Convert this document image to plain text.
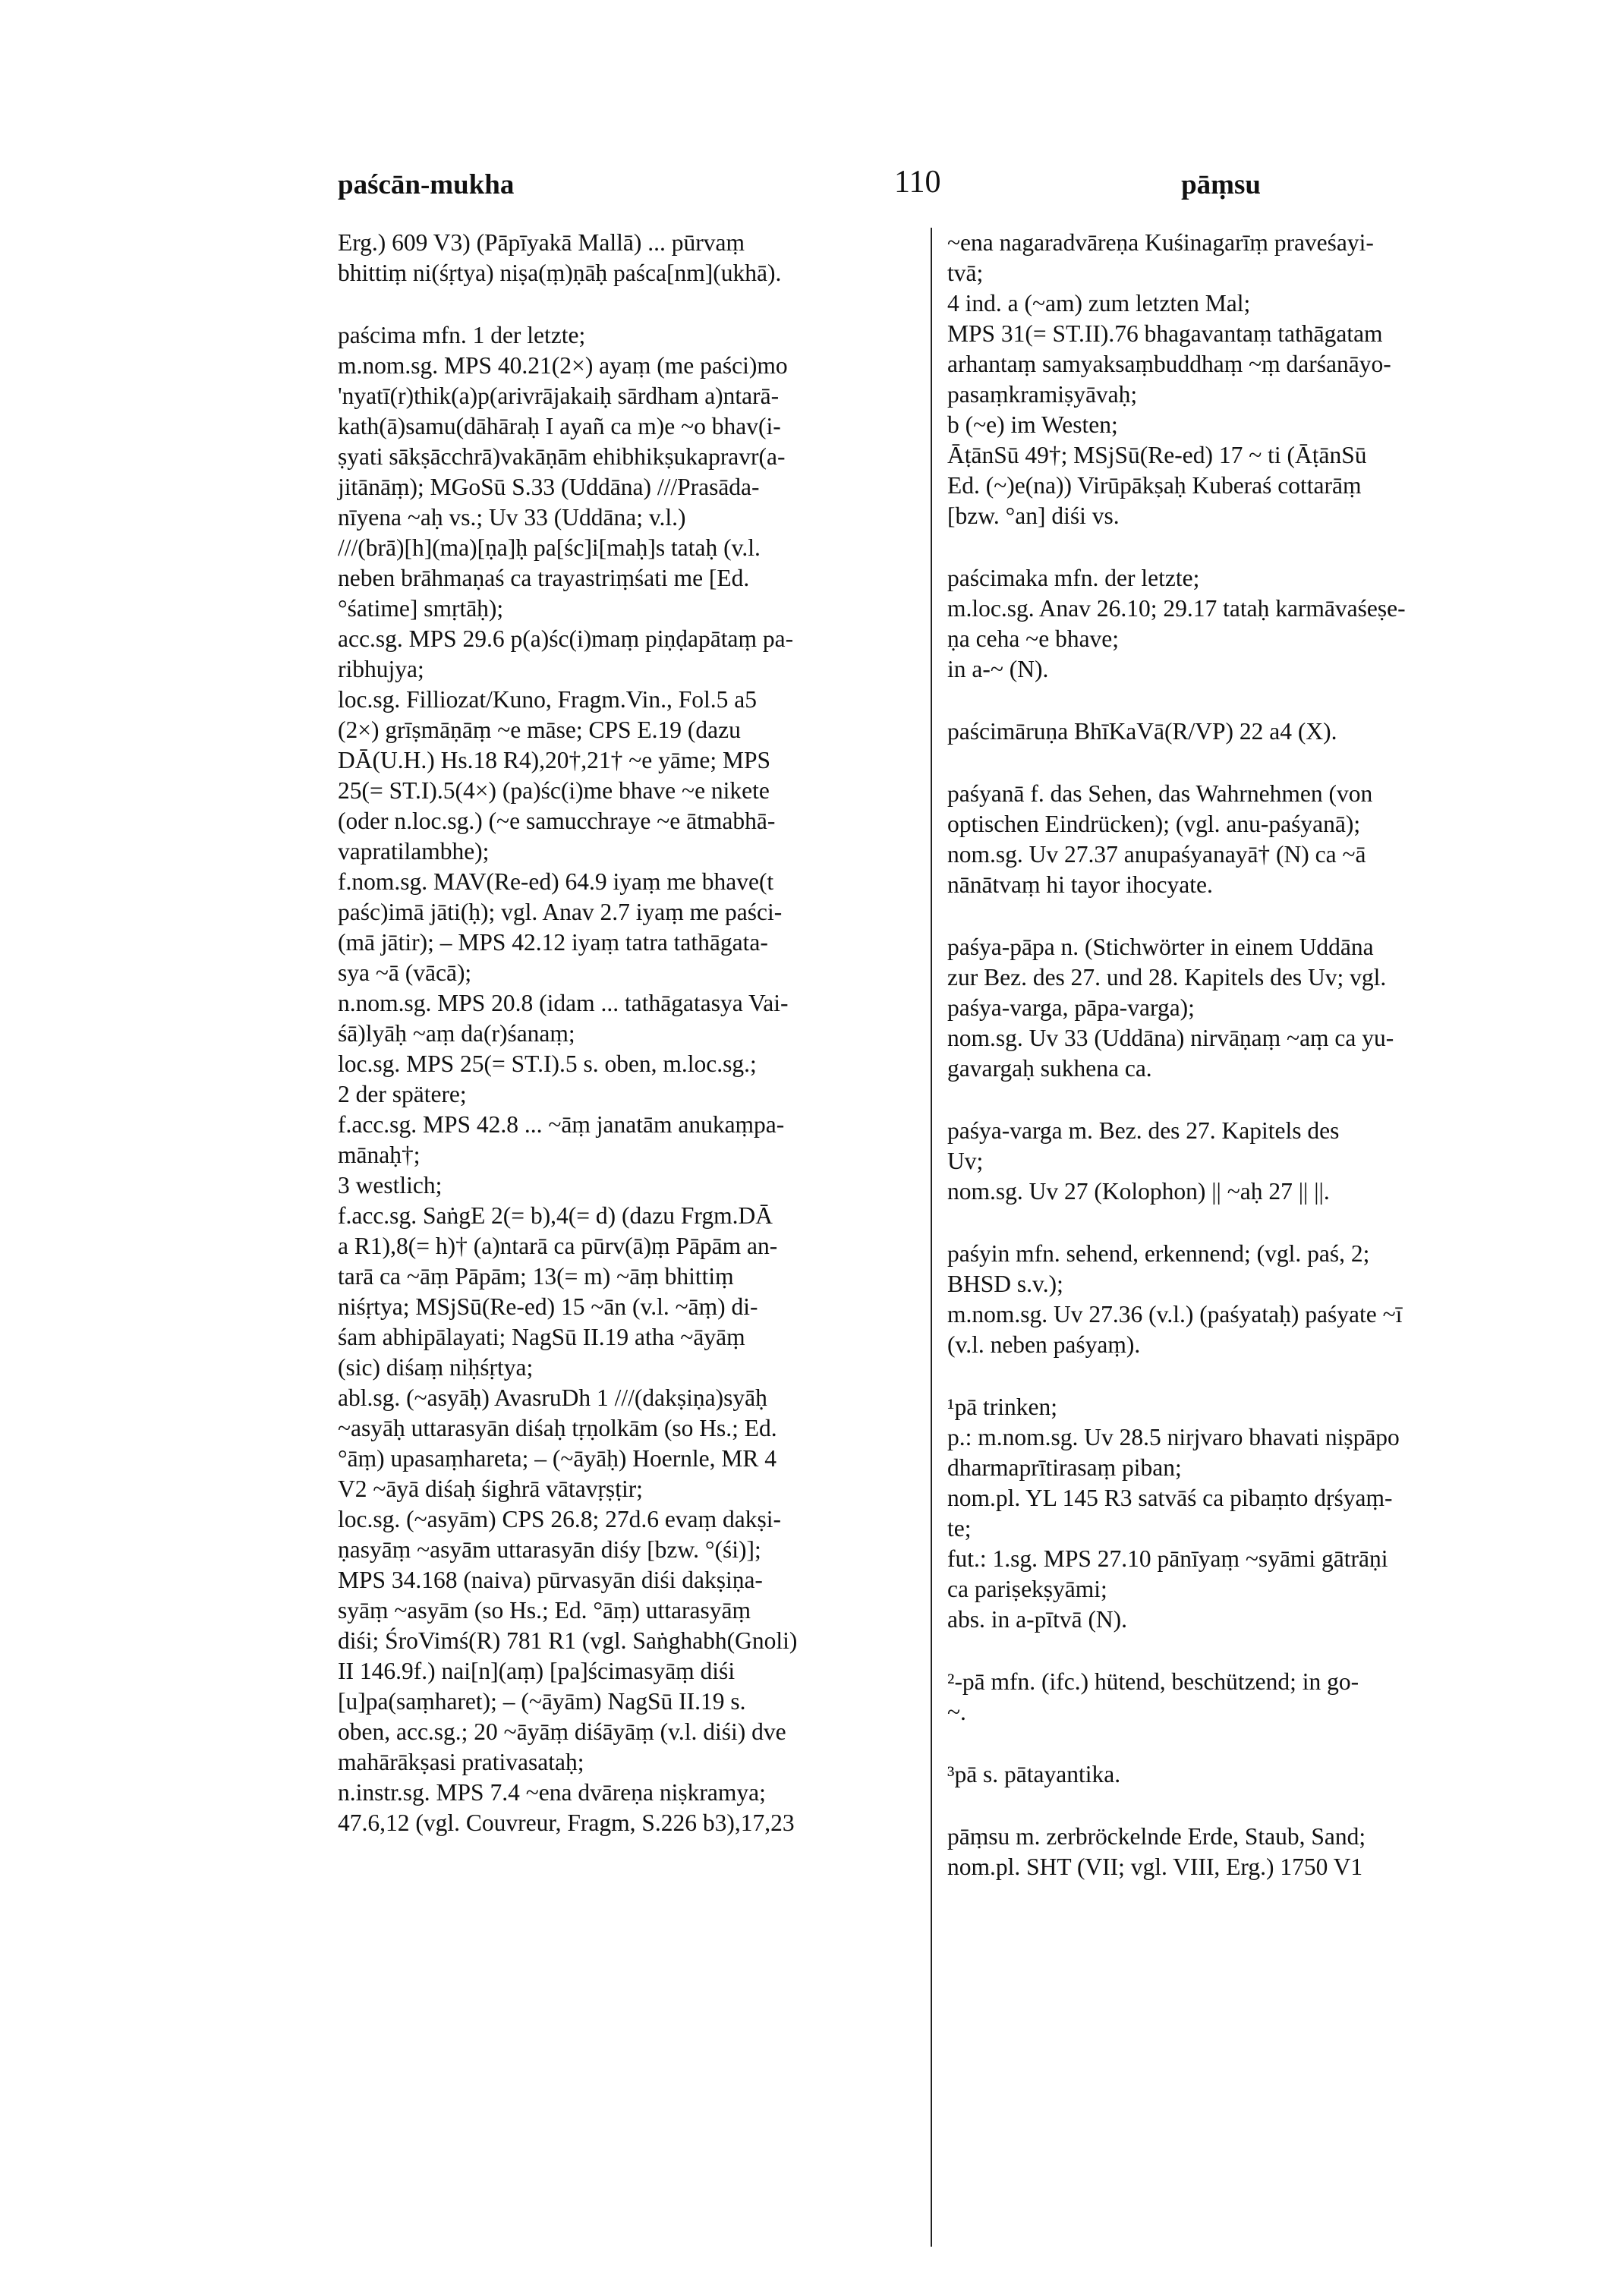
paścān-mukha	110	pāṃsu
Erg.) 609 V3) (Pāpīyakā Mallā) ... pūrvaṃ
bhittiṃ ni(śṛtya) niṣa(ṃ)ṇāḥ paśca[nm](ukhā).
paścima mfn. 1 der letzte;
m.nom.sg. MPS 40.21(2×) ayaṃ (me paści)mo
'nyatī(r)thik(a)p(arivrājakaiḥ sārdham a)ntarā-
kath(ā)samu(dāhāraḥ I ayañ ca m)e ~o bhav(i-
ṣyati sākṣācchrā)vakāṇām ehibhikṣukapravr(a-
jitānāṃ); MGoSū S.33 (Uddāna) ///Prasāda-
nīyena ~aḥ vs.; Uv 33 (Uddāna; v.l.)
///(brā)[h](ma)[ṇa]ḥ pa[śc]i[maḥ]s tataḥ (v.l.
neben brāhmaṇaś ca trayastriṃśati me [Ed.
°śatime] smṛtāḥ);
acc.sg. MPS 29.6 p(a)śc(i)maṃ piṇḍapātaṃ pa-
ribhujya;
loc.sg. Filliozat/Kuno, Fragm.Vin., Fol.5 a5
(2×) grīṣmāṇāṃ ~e māse; CPS E.19 (dazu
DĀ(U.H.) Hs.18 R4),20†,21† ~e yāme; MPS
25(= ST.I).5(4×) (pa)śc(i)me bhave ~e nikete
(oder n.loc.sg.) (~e samucchraye ~e ātmabhā-
vapratilambhe);
f.nom.sg. MAV(Re-ed) 64.9 iyaṃ me bhave(t
paśc)imā jāti(ḥ); vgl. Anav 2.7 iyaṃ me paści-
(mā jātir); – MPS 42.12 iyaṃ tatra tathāgata-
sya ~ā (vācā);
n.nom.sg. MPS 20.8 (idam ... tathāgatasya Vai-
śā)lyāḥ ~aṃ da(r)śanaṃ;
loc.sg. MPS 25(= ST.I).5 s. oben, m.loc.sg.;
2 der spätere;
f.acc.sg. MPS 42.8 ... ~āṃ janatām anukaṃpa-
mānaḥ†;
3 westlich;
f.acc.sg. SaṅgE 2(= b),4(= d) (dazu Frgm.DĀ
a R1),8(= h)† (a)ntarā ca pūrv(ā)ṃ Pāpām an-
tarā ca ~āṃ Pāpām; 13(= m) ~āṃ bhittiṃ
niśṛtya; MSjSū(Re-ed) 15 ~ān (v.l. ~āṃ) di-
śam abhipālayati; NagSū II.19 atha ~āyāṃ
(sic) diśaṃ niḥśṛtya;
abl.sg. (~asyāḥ) AvasruDh 1 ///(dakṣiṇa)syāḥ
~asyāḥ uttarasyān diśaḥ tṛṇolkām (so Hs.; Ed.
°āṃ) upasaṃhareta; – (~āyāḥ) Hoernle, MR 4
V2 ~āyā diśaḥ śighrā vātavṛṣṭir;
loc.sg. (~asyām) CPS 26.8; 27d.6 evaṃ dakṣi-
ṇasyāṃ ~asyām uttarasyān diśy [bzw. °(śi)];
MPS 34.168 (naiva) pūrvasyān diśi dakṣiṇa-
syāṃ ~asyām (so Hs.; Ed. °āṃ) uttarasyāṃ
diśi; ŚroVimś(R) 781 R1 (vgl. Saṅghabh(Gnoli)
II 146.9f.) nai[n](aṃ) [pa]ścimasyāṃ diśi
[u]pa(saṃharet); – (~āyām) NagSū II.19 s.
oben, acc.sg.; 20 ~āyāṃ diśāyāṃ (v.l. diśi) dve
mahārākṣasi prativasataḥ;
n.instr.sg. MPS 7.4 ~ena dvāreṇa niṣkramya;
47.6,12 (vgl. Couvreur, Fragm, S.226 b3),17,23
~ena nagaradvāreṇa Kuśinagarīṃ praveśayi-
tvā;
4 ind. a (~am) zum letzten Mal;
MPS 31(= ST.II).76 bhagavantaṃ tathāgatam
arhantaṃ samyaksaṃbuddhaṃ ~ṃ darśanāyo-
pasaṃkramiṣyāvaḥ;
b (~e) im Westen;
ĀṭānSū 49†; MSjSū(Re-ed) 17 ~ ti (ĀṭānSū
Ed. (~)e(na)) Virūpākṣaḥ Kuberaś cottarāṃ
[bzw. °an] diśi vs.
paścimaka mfn. der letzte;
m.loc.sg. Anav 26.10; 29.17 tataḥ karmāvaśeṣe-
ṇa ceha ~e bhave;
in a-~ (N).
paścimāruṇa BhīKaVā(R/VP) 22 a4 (X).
paśyanā f. das Sehen, das Wahrnehmen (von
optischen Eindrücken); (vgl. anu-paśyanā);
nom.sg. Uv 27.37 anupaśyanayā† (N) ca ~ā
nānātvaṃ hi tayor ihocyate.
paśya-pāpa n. (Stichwörter in einem Uddāna
zur Bez. des 27. und 28. Kapitels des Uv; vgl.
paśya-varga, pāpa-varga);
nom.sg. Uv 33 (Uddāna) nirvāṇaṃ ~aṃ ca yu-
gavargaḥ sukhena ca.
paśya-varga m. Bez. des 27. Kapitels des
Uv;
nom.sg. Uv 27 (Kolophon) || ~aḥ 27 || ||.
paśyin mfn. sehend, erkennend; (vgl. paś, 2;
BHSD s.v.);
m.nom.sg. Uv 27.36 (v.l.) (paśyataḥ) paśyate ~ī
(v.l. neben paśyaṃ).
¹pā trinken;
p.: m.nom.sg. Uv 28.5 nirjvaro bhavati niṣpāpo
dharmaprītirasaṃ piban;
nom.pl. YL 145 R3 satvāś ca pibaṃto dṛśyaṃ-
te;
fut.: 1.sg. MPS 27.10 pānīyaṃ ~syāmi gātrāṇi
ca pariṣekṣyāmi;
abs. in a-pītvā (N).
²-pā mfn. (ifc.) hütend, beschützend; in go-
~.
³pā s. pātayantika.
pāṃsu m. zerbröckelnde Erde, Staub, Sand;
nom.pl. SHT (VII; vgl. VIII, Erg.) 1750 V1
